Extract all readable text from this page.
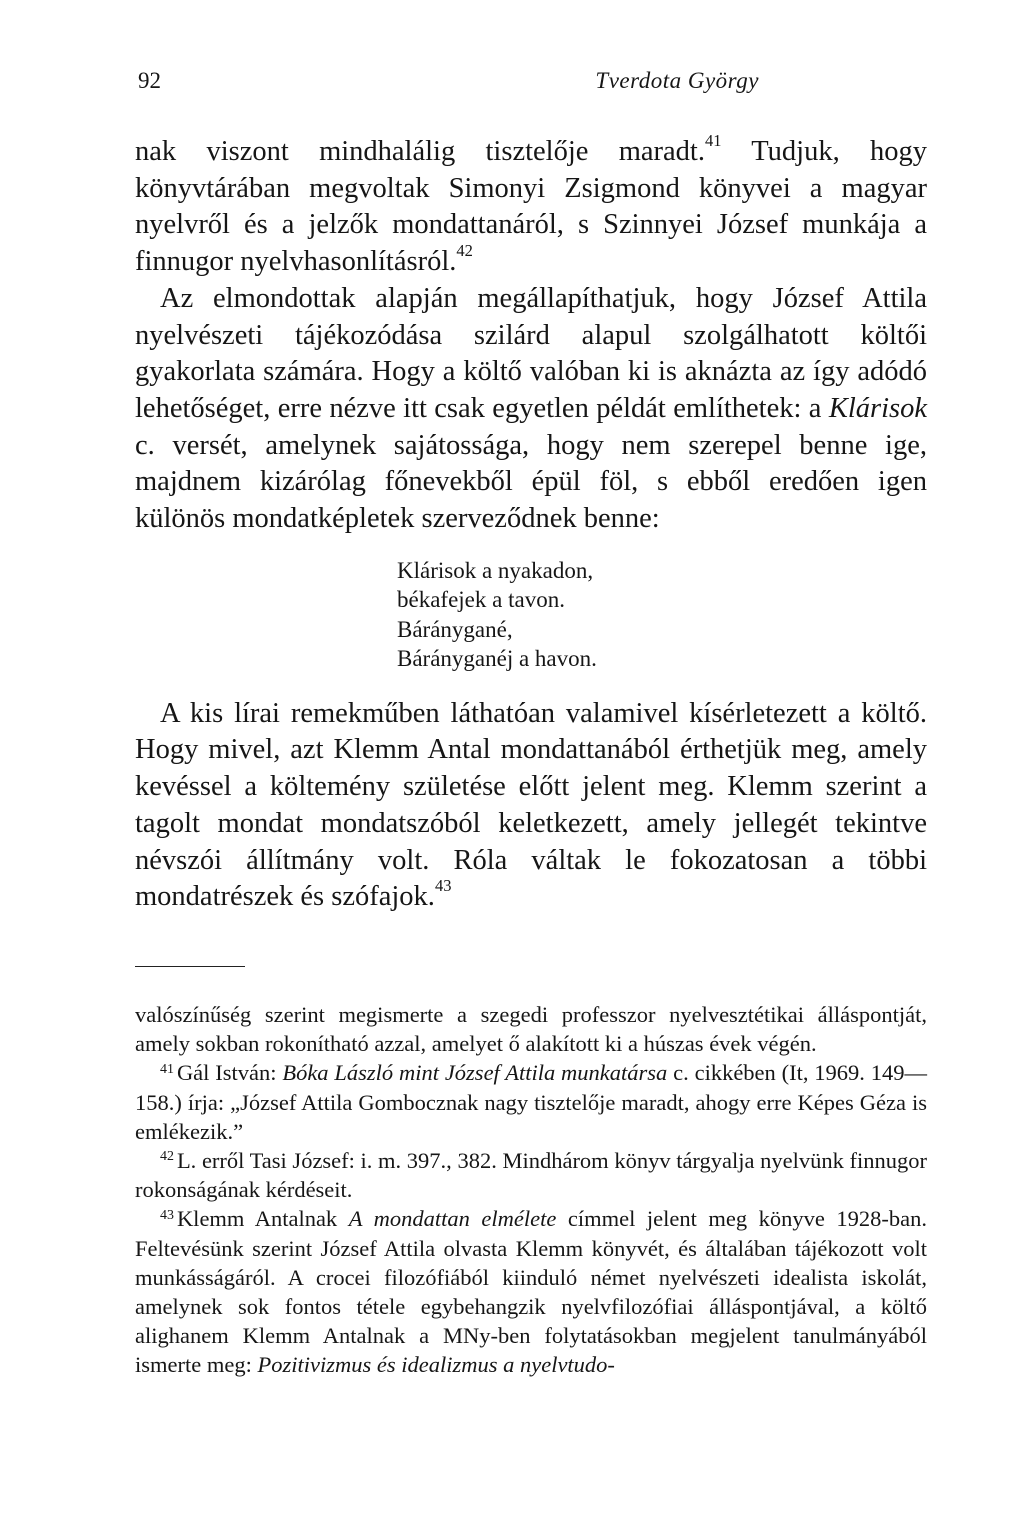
92	Tverdota György

nak viszont mindhalálig tisztelője maradt.$^{41}$ Tudjuk, hogy könyvtárában megvoltak Simonyi Zsigmond könyvei a magyar nyelvről és a jelzők mondattanáról, s Szinnyei József munkája a finnugor nyelvhasonlításról.$^{42}$

Az elmondottak alapján megállapíthatjuk, hogy József Attila nyelvészeti tájékozódása szilárd alapul szolgálhatott költői gyakorlata számára. Hogy a költő valóban ki is aknázta az így adódó lehetőséget, erre nézve itt csak egyetlen példát említhetek: a Klárisok c. versét, amelynek sajátossága, hogy nem szerepel benne ige, majdnem kizárólag főnevekből épül föl, s ebből eredően igen különös mondatképletek szerveződnek benne:

Klárisok a nyakadon,
békafejek a tavon.
Báránygané,
Bárányganéj a havon.

A kis lírai remekműben láthatóan valamivel kísérletezett a költő. Hogy mivel, azt Klemm Antal mondattanából érthetjük meg, amely kevéssel a költemény születése előtt jelent meg. Klemm szerint a tagolt mondat mondatszóból keletkezett, amely jellegét tekintve névszói állítmány volt. Róla váltak le fokozatosan a többi mondatrészek és szófajok.$^{43}$

valószínűség szerint megismerte a szegedi professzor nyelvesztétikai álláspontját, amely sokban rokonítható azzal, amelyet ő alakított ki a húszas évek végén.

$^{41}$ Gál István: Bóka László mint József Attila munkatársa c. cikkében (It, 1969. 149—158.) írja: „József Attila Gombocznak nagy tisztelője maradt, ahogy erre Képes Géza is emlékezik.”

$^{42}$ L. erről Tasi József: i. m. 397., 382. Mindhárom könyv tárgyalja nyelvünk finnugor rokonságának kérdéseit.

$^{43}$ Klemm Antalnak A mondattan elmélete címmel jelent meg könyve 1928-ban. Feltevésünk szerint József Attila olvasta Klemm könyvét, és általában tájékozott volt munkásságáról. A crocei filozófiából kiinduló német nyelvészeti idealista iskolát, amelynek sok fontos tétele egybehangzik nyelvfilozófiai álláspontjával, a költő alighanem Klemm Antalnak a MNy-ben folytatásokban megjelent tanulmányából ismerte meg: Pozitivizmus és idealizmus a nyelvtudo-
